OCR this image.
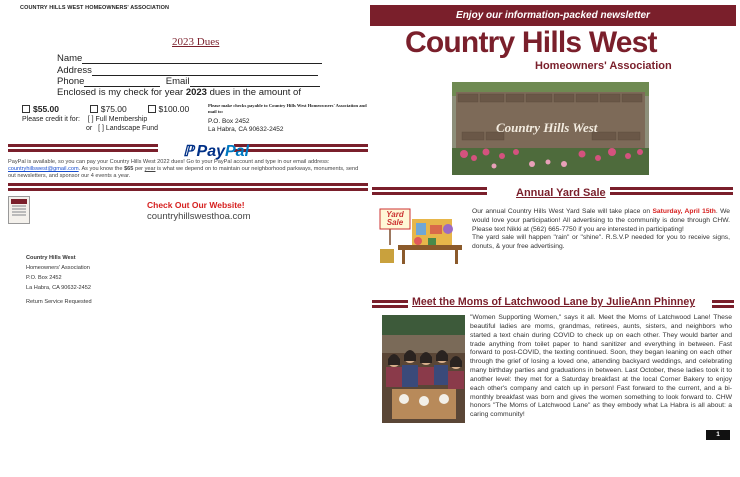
COUNTRY HILLS WEST HOMEOWNERS' ASSOCIATION
2023 Dues
Name
Address
Phone	Email
Enclosed is my check for year 2023 dues in the amount of
$55.00	$75.00	$100.00
Please credit it for: [ ] Full Membership
or [ ] Landscape Fund
Please make checks payable to Country Hills West Homeowners' Association and mail to:
P.O. Box 2452
La Habra, CA 90632-2452
ℙ PayPal
PayPal is available, so you can pay your Country Hills West 2022 dues! Go to your PayPal account and type in our email address: countryhillswest@gmail.com. As you know the $65 per year is what we depend on to maintain our neighborhood parkways, monuments, send out newsletters, and sponsor our 4 events a year.
Check Out Our Website!
countryhillswesthoa.com
Country Hills West
Homeowners' Association
P.O. Box 2452
La Habra, CA 90632-2452
Return Service Requested
Enjoy our information-packed newsletter
Country Hills West
Homeowners' Association
Country Hills West
Annual Yard Sale
Yard
Sale
Our annual Country Hills West Yard Sale will take place on Saturday, April 15th. We would love your participation! All advertising to the community is done through CHW. Please text Nikki at (562) 665-7750 if you are interested in participating!
The yard sale will happen "rain" or "shine". R.S.V.P needed for you to receive signs, donuts, & your free advertising.
Meet the Moms of Latchwood Lane by JulieAnn Phinney
"Women Supporting Women," says it all. Meet the Moms of Latchwood Lane! These beautiful ladies are moms, grandmas, retirees, aunts, sisters, and neighbors who started a text chain during COVID to check up on each other. They would barter and trade anything from toilet paper to hand sanitizer and everything in between. Fast forward to post-COVID, the texting continued. Soon, they began leaning on each other through the grief of losing a loved one, attending backyard weddings, and celebrating many birthday parties and graduations in between. Last October, these ladies took it to another level: they met for a Saturday breakfast at the local Corner Bakery to enjoy each other's company and catch up in person! Fast forward to the current, and a bi-monthly breakfast was born and gives the women something to look forward to. CHW honors "The Moms of Latchwood Lane" as they embody what La Habra is all about: a caring community!
1
